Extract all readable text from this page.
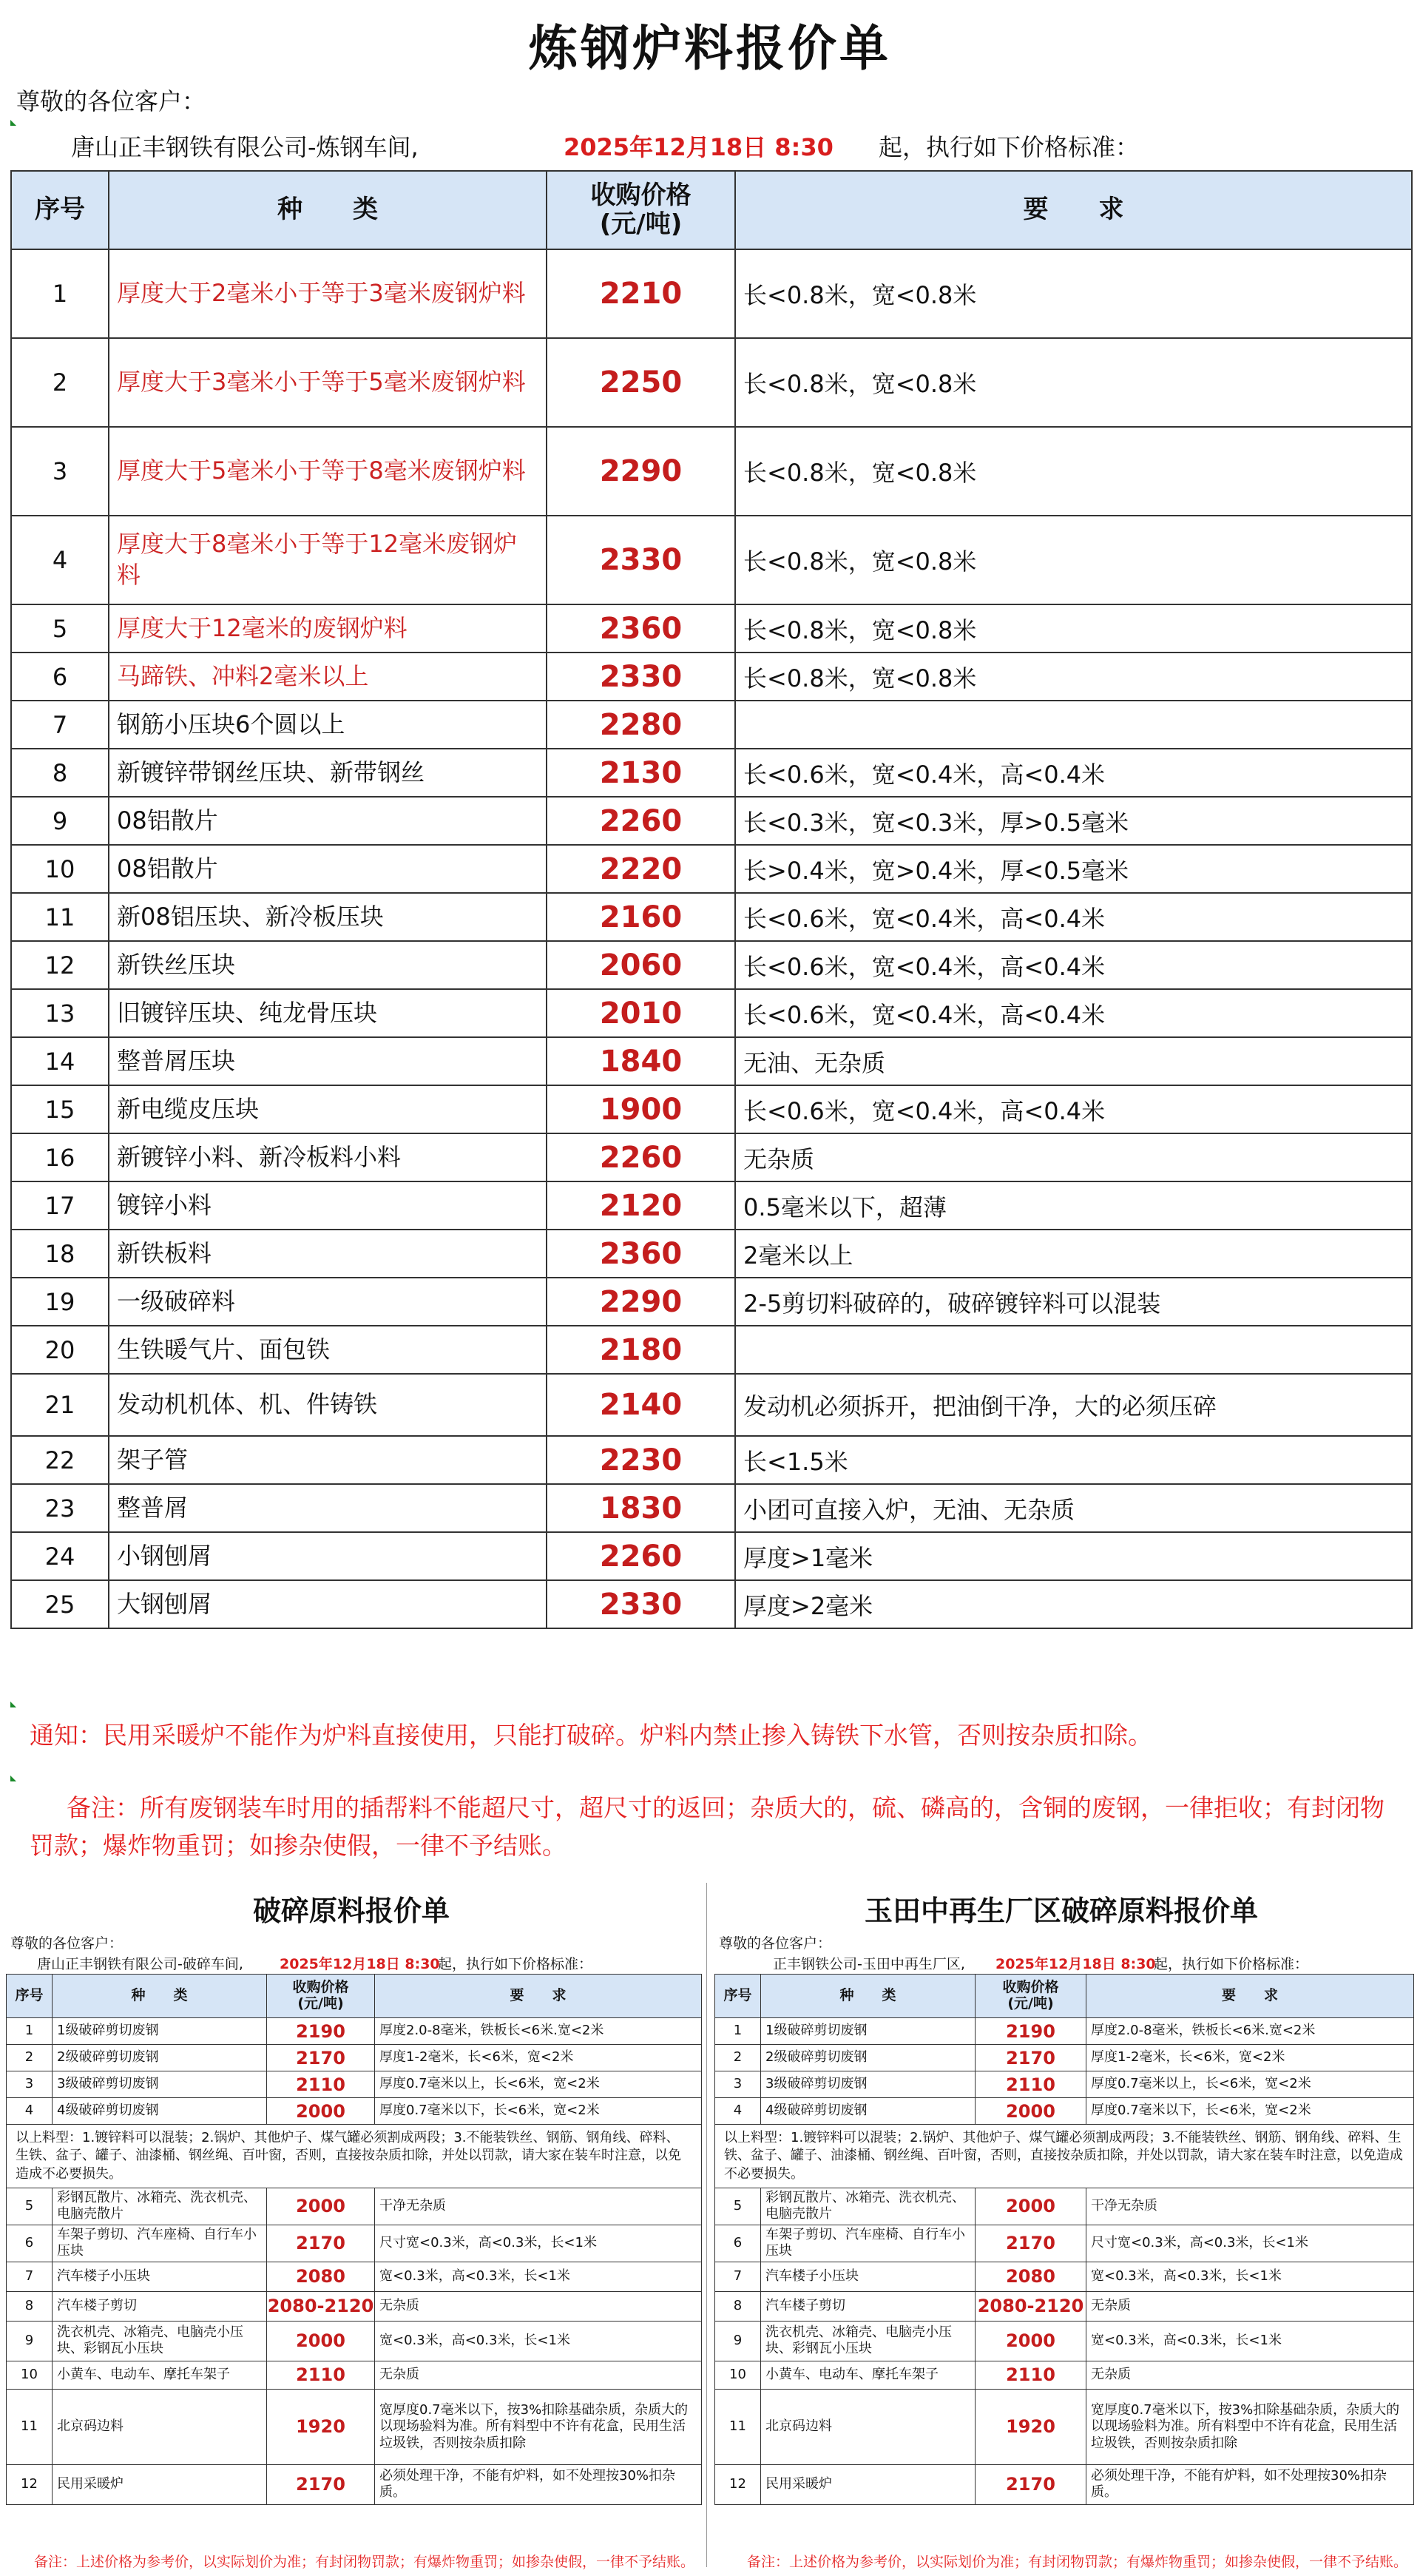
炼钢炉料报价单
尊敬的各位客户：
唐山正丰钢铁有限公司-炼钢车间,	2025年12月18日 8:30 起，执行如下价格标准：
序号	种　　类	收购价格
(元/吨)	要　　求
1	厚度大于2毫米小于等于3毫米废钢炉料	2210	长<0.8米，宽<0.8米
2	厚度大于3毫米小于等于5毫米废钢炉料	2250	长<0.8米，宽<0.8米
3	厚度大于5毫米小于等于8毫米废钢炉料	2290	长<0.8米，宽<0.8米
4	厚度大于8毫米小于等于12毫米废钢炉料	2330	长<0.8米，宽<0.8米
5	厚度大于12毫米的废钢炉料	2360	长<0.8米，宽<0.8米
6	马蹄铁、冲料2毫米以上	2330	长<0.8米，宽<0.8米
7	钢筋小压块6个圆以上	2280	
8	新镀锌带钢丝压块、新带钢丝	2130	长<0.6米，宽<0.4米，高<0.4米
9	08铝散片	2260	长<0.3米，宽<0.3米，厚>0.5毫米
10	08铝散片	2220	长>0.4米，宽>0.4米，厚<0.5毫米
11	新08铝压块、新冷板压块	2160	长<0.6米，宽<0.4米，高<0.4米
12	新铁丝压块	2060	长<0.6米，宽<0.4米，高<0.4米
13	旧镀锌压块、纯龙骨压块	2010	长<0.6米，宽<0.4米，高<0.4米
14	整普屑压块	1840	无油、无杂质
15	新电缆皮压块	1900	长<0.6米，宽<0.4米，高<0.4米
16	新镀锌小料、新冷板料小料	2260	无杂质
17	镀锌小料	2120	0.5毫米以下，超薄
18	新铁板料	2360	2毫米以上
19	一级破碎料	2290	2-5剪切料破碎的，破碎镀锌料可以混装
20	生铁暖气片、面包铁	2180	
21	发动机机体、机、件铸铁	2140	发动机必须拆开，把油倒干净，大的必须压碎
22	架子管	2230	长<1.5米
23	整普屑	1830	小团可直接入炉，无油、无杂质
24	小钢刨屑	2260	厚度>1毫米
25	大钢刨屑	2330	厚度>2毫米
通知：民用采暖炉不能作为炉料直接使用，只能打破碎。炉料内禁止掺入铸铁下水管，否则按杂质扣除。
备注：所有废钢装车时用的插帮料不能超尺寸，超尺寸的返回；杂质大的，硫、磷高的，含铜的废钢，一律拒收；有封闭物罚款；爆炸物重罚；如掺杂使假，一律不予结账。
破碎原料报价单
尊敬的各位客户：
唐山正丰钢铁有限公司-破碎车间,	2025年12月18日 8:30
起，执行如下价格标准：
序号	种　　类	收购价格
(元/吨)	要　　求
1	1级破碎剪切废钢	2190	厚度2.0-8毫米，铁板长<6米.宽<2米
2	2级破碎剪切废钢	2170	厚度1-2毫米，长<6米，宽<2米
3	3级破碎剪切废钢	2110	厚度0.7毫米以上，长<6米，宽<2米
4	4级破碎剪切废钢	2000	厚度0.7毫米以下，长<6米，宽<2米
以上料型：1.镀锌料可以混装；2.锅炉、其他炉子、煤气罐必须割成两段；3.不能装铁丝、钢筋、钢角线、碎料、生铁、盆子、罐子、油漆桶、钢丝绳、百叶窗，否则，直接按杂质扣除，并处以罚款，请大家在装车时注意，以免造成不必要损失。			
5	彩钢瓦散片、冰箱壳、洗衣机壳、电脑壳散片	2000	干净无杂质
6	车架子剪切、汽车座椅、自行车小压块	2170	尺寸宽<0.3米，高<0.3米，长<1米
7	汽车楼子小压块	2080	宽<0.3米，高<0.3米，长<1米
8	汽车楼子剪切	2080-2120	无杂质
9	洗衣机壳、冰箱壳、电脑壳小压块、彩钢瓦小压块	2000	宽<0.3米，高<0.3米，长<1米
10	小黄车、电动车、摩托车架子	2110	无杂质
11	北京码边料	1920	宽厚度0.7毫米以下，按3%扣除基础杂质，杂质大的以现场验料为准。所有料型中不许有花盒，民用生活垃圾铁，否则按杂质扣除
12	民用采暖炉	2170	必须处理干净，不能有炉料，如不处理按30%扣杂质。
备注：上述价格为参考价，以实际划价为准；有封闭物罚款；有爆炸物重罚；如掺杂使假，一律不予结账。
玉田中再生厂区破碎原料报价单
尊敬的各位客户：
正丰钢铁公司-玉田中再生厂区, 2025年12月18日 8:30
起，执行如下价格标准：
序号	种　　类	收购价格
(元/吨)	要　　求
1	1级破碎剪切废钢	2190	厚度2.0-8毫米，铁板长<6米.宽<2米
2	2级破碎剪切废钢	2170	厚度1-2毫米，长<6米，宽<2米
3	3级破碎剪切废钢	2110	厚度0.7毫米以上，长<6米，宽<2米
4	4级破碎剪切废钢	2000	厚度0.7毫米以下，长<6米，宽<2米
以上料型：1.镀锌料可以混装；2.锅炉、其他炉子、煤气罐必须割成两段；3.不能装铁丝、钢筋、钢角线、碎料、生铁、盆子、罐子、油漆桶、钢丝绳、百叶窗，否则，直接按杂质扣除，并处以罚款，请大家在装车时注意，以免造成不必要损失。			
5	彩钢瓦散片、冰箱壳、洗衣机壳、电脑壳散片	2000	干净无杂质
6	车架子剪切、汽车座椅、自行车小压块	2170	尺寸宽<0.3米，高<0.3米，长<1米
7	汽车楼子小压块	2080	宽<0.3米，高<0.3米，长<1米
8	汽车楼子剪切	2080-2120	无杂质
9	洗衣机壳、冰箱壳、电脑壳小压块、彩钢瓦小压块	2000	宽<0.3米，高<0.3米，长<1米
10	小黄车、电动车、摩托车架子	2110	无杂质
11	北京码边料	1920	宽厚度0.7毫米以下，按3%扣除基础杂质，杂质大的以现场验料为准。所有料型中不许有花盒，民用生活垃圾铁，否则按杂质扣除
12	民用采暖炉	2170	必须处理干净，不能有炉料，如不处理按30%扣杂质。
备注：上述价格为参考价，以实际划价为准；有封闭物罚款；有爆炸物重罚；如掺杂使假，一律不予结账。
